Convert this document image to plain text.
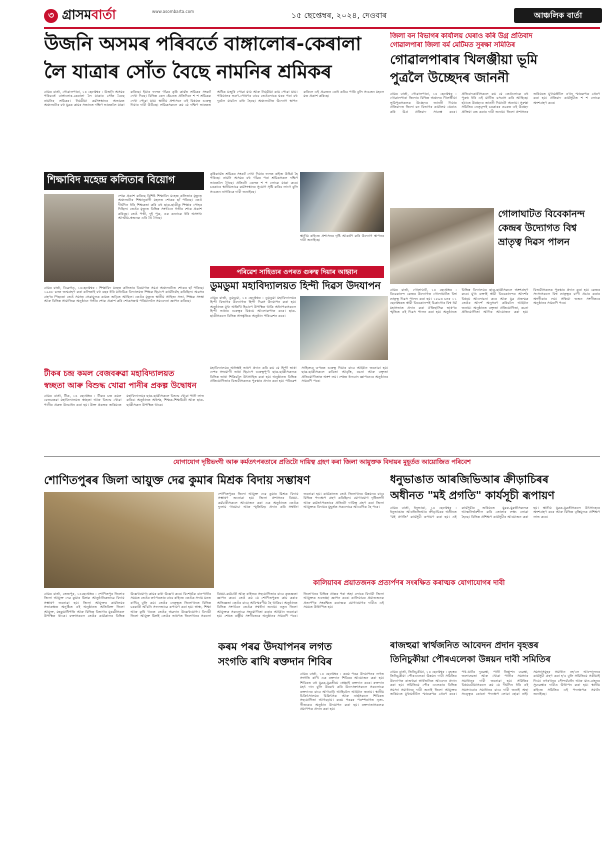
৩ গ্ৰাসমবাৰ্তা	www.asombarta.com	১৫ ছেপ্তেম্বৰ, ২০২৪, দেওবাৰ	আঞ্চলিক বাৰ্তা
উজনি অসমৰ পৰিবৰ্তে বাঙ্গালোৰ-কেৰালা
লৈ যাত্ৰাৰ সোঁত বৈছে নামনিৰ শ্ৰমিকৰ
গ্ৰামৰ বাৰ্তা, গোৱালপাৰা, ১৪ ছেপ্তেম্বৰ : উজনি অসমৰ পৰিবৰ্তে বাঙ্গালোৰ-কেৰালা লৈ যাত্ৰাৰ সোঁত বৈছে নামনিৰ শ্ৰমিকৰ। নিয়মীয়া কৰ্মসংস্থানৰ অভাৱত অঞ্চলটোৰ বহু যুৱক কামৰ সন্ধানত দক্ষিণ ভাৰতলৈ যাত্ৰা কৰিছে। ইয়াৰ ফলত গাঁৱৰ কৃষি কাৰ্যত শ্ৰমিকৰ সংকট দেখা দিছে। বিভিন্ন ৰেল ষ্টেচনত প্ৰতিদিনে শ শ শ্ৰমিকক দেখা পোৱা যায়। স্থানীয় প্ৰশাসনে এই বিষয়ত গুৰুত্ব দিয়াৰ দাবী উঠিছে। শ্ৰমিকসকলে কয় যে দক্ষিণ ভাৰতত অধিক মজুৰি পোৱা যায় আৰু নিয়মীয়া কাম পোৱা যায়। পৰিয়ালৰ ভৰণ-পোষণৰ বাবে তেওঁলোকে ঘৰৰ পৰা বহু দূৰলৈ যাবলৈ বাধ্য হৈছে। অঞ্চলটোত উদ্যোগ স্থাপন কৰিলে এই প্ৰব্ৰজন ৰোধ কৰিব পাৰি বুলি সচেতন মহলে মত প্ৰকাশ কৰিছে।
শিক্ষাবিদ মহেন্দ্ৰ কলিতাৰ বিয়োগ
শোক প্ৰকাশ কৰিছে বিশিষ্ট শিক্ষাবিদ মহেন্দ্ৰ কলিতাৰ মৃত্যুত অঞ্চলটোৰ শিক্ষানুৰাগী মহলত শোকৰ ছাঁ পৰিছে। তেওঁ দীৰ্ঘদিন ধৰি শিক্ষকতা কৰি বহু ছাত্ৰ-ছাত্ৰীক শিক্ষাৰ পোহৰ দিছিল। তেওঁৰ মৃত্যুত বিভিন্ন সংগঠনে গভীৰ শোক প্ৰকাশ কৰিছে। তেওঁ পত্নী, দুই পুত্ৰ, এক কন্যাকে ধৰি অসংখ্য আত্মীয়-স্বজনক এৰি থৈ গৈছে।
গ্ৰামৰ বাৰ্তা, ডিব্ৰুগড়, ১৪ছেপ্তেম্বৰ : শিক্ষাবিদ মহেন্দ্ৰ কলিতাৰ বিয়োগত সমগ্ৰ অঞ্চলটোত শোকৰ ছাঁ পৰিছে। ১৯৪৮ চনত জন্মগ্ৰহণ কৰা কলিতাই বহু বছৰ ধৰি মাধ্যমিক বিদ্যালয়ত শিক্ষক হিচাপে কাৰ্যনিৰ্বাহ কৰিছিল। অৱসৰ গ্ৰহণৰ পিছতো তেওঁ সমাজ সেৱামূলক কামত জড়িত আছিল। তেওঁৰ মৃত্যুত স্থানীয় সাহিত্য সভা, শিক্ষক সংস্থা আৰু বিভিন্ন সামাজিক অনুষ্ঠানে গভীৰ শোক প্ৰকাশ কৰি শোকসন্তপ্ত পৰিয়াললৈ সমবেদনা জ্ঞাপন কৰিছে।
কৃষিকাৰ্যত শ্ৰমিকৰ সংকট দেখা দিয়াৰ ফলত ৰাইজ উদ্বিগ্ন হৈ পৰিছে। নামনি অসমৰ বহু গাঁৱৰ পৰা শ্ৰমিকসকল দক্ষিণ ভাৰতলৈ গৈছে। প্ৰতিটো ৰেলত শ শ লোকে যাত্ৰা কৰে। চৰকাৰে স্থানীয়ভাৱে কৰ্মসংস্থানৰ সুযোগ সৃষ্টি কৰিব লাগে বুলি সচেতন নাগৰিকে দাবী জনাইছে।
স্থানীয় ৰাইজে প্ৰশাসনৰ দৃষ্টি আকৰ্ষণ কৰি উদ্যোগ স্থাপনৰ দাবী জনাইছে।
পৰিৱেশ সাহিত্যৰ ওপৰত গুৰুত্ব দিয়াৰ আহ্বান
ডুমডুমা মহাবিদ্যালয়ত হিন্দী দিৱস উদযাপন
গ্ৰামৰ বাৰ্তা, ডুমডুমা, ১৪ ছেপ্তেম্বৰ : ডুমডুমা মহাবিদ্যালয়ৰ হিন্দী বিভাগৰ উদ্যোগত হিন্দী দিৱস উদযাপন কৰা হয়। অনুষ্ঠানত মুখ্য অতিথি হিচাপে উপস্থিত থাকি অধ্যাপকসকলে হিন্দী ভাষাৰ গুৰুত্বৰ বিষয়ে আলোকপাত কৰে। ছাত্ৰ-ছাত্ৰীসকলে বিভিন্ন সাংস্কৃতিক অনুষ্ঠান পৰিৱেশন কৰে।
টীকৰ চন্দ্ৰ কমল বেজবৰুৱা মহাবিদ্যালয়ত
স্বচ্ছতা আৰু বিশুদ্ধ খোৱা পানীৰ প্ৰকল্প উদ্বোধন
গ্ৰামৰ বাৰ্তা, টীক, ১৪ ছেপ্তেম্বৰ : টীকৰ চন্দ্ৰ কমল বেজবৰুৱা মহাবিদ্যালয়ত স্বচ্ছতা আৰু বিশুদ্ধ খোৱা পানীৰ প্ৰকল্প উদ্বোধন কৰা হয়। উক্ত প্ৰকল্পৰ জৰিয়তে মহাবিদ্যালয়ৰ ছাত্ৰ-ছাত্ৰীসকলে বিশুদ্ধ খোৱা পানী লাভ কৰিব। অনুষ্ঠানত অধ্যক্ষ, শিক্ষক-শিক্ষয়িত্ৰী আৰু ছাত্ৰ-ছাত্ৰীসকল উপস্থিত থাকে।
মহাবিদ্যালয়ৰ অধ্যক্ষই ভাষণ প্ৰদান কৰি কয় যে হিন্দী ভাষা দেশৰ সংযোগী ভাষা হিচাপে গুৰুত্বপূৰ্ণ। ছাত্ৰ-ছাত্ৰীসকলক বিভিন্ন ভাষা শিকিবলৈ উৎসাহিত কৰা হয়। অনুষ্ঠানত বিভিন্ন প্ৰতিযোগিতাৰ বিজয়ীসকলক পুৰস্কাৰ প্ৰদান কৰা হয়। পৰিৱেশ সাহিত্যৰ ওপৰত গুৰুত্ব দিয়াৰ বাবে আহ্বান জনোৱা হয়। ছাত্ৰ-ছাত্ৰীসকলে কবিতা আবৃত্তি, ৰচনা আৰু বক্তৃতা প্ৰতিযোগিতাত অংশ লয়। শেষত ধন্যবাদ জ্ঞাপনেৰে অনুষ্ঠানৰ সামৰণি পৰে।
জিলা বন বিভাগৰ কাৰ্যালয় ঘেৰাও কৰি উগ্ৰ প্ৰতিবাদ
গোৱালপাৰা জিলা বৰ্ম মেটিমত সুৰক্ষা সমিতিৰ
গোৱালপাৰাৰ খিলঞ্জীয়া ভূমি
পুত্ৰলৈ উচ্ছেদৰ জাননী
গ্ৰামৰ বাৰ্তা, গোৱালপাৰা, ১৪ ছেপ্তেম্বৰ : গোৱালপাৰা জিলাৰ বিভিন্ন অঞ্চলৰ খিলঞ্জীয়া ভূমিপুত্ৰসকলক উচ্ছেদৰ জাননী দিয়াৰ প্ৰতিবাদত জিলা বন বিভাগৰ কাৰ্যালয় ঘেৰাও কৰি উগ্ৰ প্ৰতিবাদ সাব্যস্ত কৰে। প্ৰতিবাদকাৰীসকলে কয় যে তেওঁলোকে বহু পুৰুষ ধৰি এই মাটিত বসবাস কৰি আহিছে। হঠাতে উচ্ছেদৰ জাননী দিয়াটো অন্যায়। সুৰক্ষা সমিতিৰ নেতৃবৃন্দই চৰকাৰৰ ওচৰত এই উচ্ছেদ প্ৰক্ৰিয়া বন্ধ কৰাৰ দাবী জনায়। জিলা প্ৰশাসনৰ জৰিয়তে মুখ্যমন্ত্ৰীলৈ এখন স্মাৰকপত্ৰ প্ৰেৰণ কৰা হয়। প্ৰতিবাদ কাৰ্যসূচীত শ শ লোকে অংশগ্ৰহণ কৰে।
গোলাঘাটত বিবেকানন্দ
কেন্দ্ৰৰ উদ্যোগত বিশ্ব
ভ্ৰাতৃত্ব দিৱস পালন
গ্ৰামৰ বাৰ্তা, গোলাঘাট, ১৪ ছেপ্তেম্বৰ : বিবেকানন্দ কেন্দ্ৰৰ উদ্যোগত গোলাঘাটত বিশ্ব ভ্ৰাতৃত্ব দিৱস পালন কৰা হয়। ১৮৯৩ চনৰ ১১ ছেপ্তেম্বৰত স্বামী বিবেকানন্দই চিকাগোৰ বিশ্ব ধৰ্ম মহাসভাত প্ৰদান কৰা ঐতিহাসিক ভাষণৰ স্মৃতিত এই দিৱস পালন কৰা হয়। অনুষ্ঠানত বিভিন্ন বিদ্যালয়ৰ ছাত্ৰ-ছাত্ৰীসকলে অংশগ্ৰহণ কৰে। মুখ্য বক্তাই স্বামী বিবেকানন্দৰ আদৰ্শৰ বিষয়ে আলোচনা কৰে আৰু যুৱ প্ৰজন্মক তেওঁৰ আদৰ্শ অনুসৰণ কৰিবলৈ আহ্বান জনায়। অনুষ্ঠানত বক্তৃতা প্ৰতিযোগিতা, ৰচনা প্ৰতিযোগিতা আদিৰ আয়োজন কৰা হয়। বিজয়ীসকলক পুৰস্কাৰ প্ৰদান কৰা হয়। কেন্দ্ৰৰ সদস্যসকলে বিশ্ব ভ্ৰাতৃত্বৰ বাণী প্ৰচাৰ কৰাৰ অংগীকাৰ লয়। সন্ধিয়া ভজন সংগীতৰে অনুষ্ঠানৰ সামৰণি পৰে।
যোগাযোগ দৃষ্টিভংগী আৰু কৰ্মতৎপৰতাৰে প্ৰতিটো দায়িত্ব গ্ৰহণ কৰা জিলা আয়ুক্তক বিদায়ৰ মুহূৰ্তত আয়োজিত পৰিবেশ
শোণিতপুৰৰ জিলা আয়ুক্ত দেৱ কুমাৰ মিশ্ৰক বিদায় সম্ভাষণ
শোণিতপুৰৰ জিলা আয়ুক্ত দেৱ কুমাৰ মিশ্ৰক বিদায় সম্ভাষণ জনোৱা হয়। জিলা প্ৰশাসনৰ বিষয়া-কৰ্মচাৰীসকলে আয়োজন কৰা এক অনুষ্ঠানত তেওঁক ফুলাম গামোচা আৰু স্মৃতিচিহ্ন প্ৰদান কৰি সম্বৰ্ধনা জনোৱা হয়। কাৰ্যকালত তেওঁ জিলাখনৰ উন্নয়নৰ বাবে বিভিন্ন পদক্ষেপ গ্ৰহণ কৰিছিল। যোগাযোগ দৃষ্টিভংগী আৰু কৰ্মতৎপৰতাৰে প্ৰতিটো দায়িত্ব গ্ৰহণ কৰা জিলা আয়ুক্তক বিদায়ৰ মুহূৰ্তত সকলোৱে আবেগিক হৈ পৰে।
গ্ৰামৰ বাৰ্তা, তেজপুৰ, ১৪ছেপ্তেম্বৰ : শোণিতপুৰ জিলাৰ জিলা আয়ুক্ত দেৱ কুমাৰ মিশ্ৰক আনুষ্ঠানিকভাৱে বিদায় সম্ভাষণ জনোৱা হয়। জিলা আয়ুক্তৰ কাৰ্যালয়ৰ সভাকক্ষত অনুষ্ঠিত এই অনুষ্ঠানত অতিৰিক্ত জিলা আয়ুক্ত, মহকুমাধিপতি আৰু বিভিন্ন বিভাগৰ মুৰব্বীসকল উপস্থিত থাকে। বক্তাসকলে তেওঁৰ কাৰ্যকালৰ বিভিন্ন উল্লেখযোগ্য কামৰ কথা উল্লেখ কৰে। বিশেষকৈ বানপানীৰ সময়ত তেওঁৰ তৎপৰতাৰ বাবে ৰাইজে তেওঁক সদায় মনত ৰাখিব বুলি কয়। তেওঁৰ নেতৃত্বত জিলাখনত বিভিন্ন চৰকাৰী আঁচনি সফলভাৱে ৰূপায়ণ কৰা হয়। স্বাস্থ্য, শিক্ষা আৰু কৃষি খণ্ডত তেওঁৰ অৱদান উল্লেখযোগ্য। বিদায়ী জিলা আয়ুক্ত মিশ্ৰই তেওঁৰ ভাষণত জিলাখনৰ সকলো বিষয়া-কৰ্মচাৰী আৰু ৰাইজৰ সহযোগিতাৰ বাবে কৃতজ্ঞতা জ্ঞাপন কৰে। তেওঁ কয় যে শোণিতপুৰত কাম কৰাৰ অভিজ্ঞতা তেওঁৰ বাবে অবিস্মৰণীয় হৈ থাকিব। অনুষ্ঠানত বিভিন্ন সংগঠনে তেওঁক সম্বৰ্ধনা জনায়। নতুন জিলা আয়ুক্তক সকলোৱে সহযোগিতা কৰাৰ আহ্বান জনোৱা হয়। শেষত ৰাষ্ট্ৰীয় সংগীতেৰে অনুষ্ঠানৰ সামৰণি পৰে। জিলাখনৰ বিভিন্ন প্ৰান্তৰ পৰা অহা লোকে বিদায়ী জিলা আয়ুক্তক শুভেচ্ছা জ্ঞাপন কৰে। কালিয়াবৰ প্ৰয়াতজনক প্ৰত্যৰ্পণৰ সংৰক্ষিত কৰাত্মক যোগাযোগৰ দাবীও এই সময়ত উত্থাপিত হয়।
ধনুভাঙাত আৰজিভিআৰ ক্ৰীড়াচিৰৰ
অধীনত "মই প্ৰগতি" কাৰ্যসূচী ৰূপায়ণ
গ্ৰামৰ বাৰ্তা, ধনুভাঙা, ১৪ ছেপ্তেম্বৰ : ধনুভাঙাত আৰজিভিআৰ ক্ৰীড়াচিৰৰ অধীনত "মই প্ৰগতি" কাৰ্যসূচী ৰূপায়ণ কৰা হয়। এই কাৰ্যসূচীৰ জৰিয়তে যুৱক-যুৱতীসকলক আত্মনিৰ্ভৰশীল কৰি তোলাৰ লক্ষ্য লোৱা হৈছে। বিভিন্ন প্ৰশিক্ষণ কাৰ্যসূচীৰ আয়োজন কৰা হয়। স্থানীয় যুৱক-যুৱতীসকলে উৎসাহেৰে অংশগ্ৰহণ কৰে আৰু বিভিন্ন বৃত্তিমূলক প্ৰশিক্ষণ লাভ কৰে।
কালিয়াবৰ প্ৰয়াতজনক প্ৰত্যৰ্পণৰ সংৰক্ষিত কৰাত্মক যোগাযোগৰ দাবী
কৰম পৰৱ উদযাপনৰ লগত
সংগতি ৰাখি ৰক্তদান শিবিৰ
গ্ৰামৰ বাৰ্তা, ১৪ ছেপ্তেম্বৰ : কৰম পৰৱ উদযাপনৰ লগত সংগতি ৰাখি এক ৰক্তদান শিবিৰৰ আয়োজন কৰা হয়। শিবিৰত বহু যুৱক-যুৱতীয়ে স্বেচ্ছাই ৰক্তদান কৰে। ৰক্তদান মহৎ দান বুলি উল্লেখ কৰি উদ্যোক্তাসকলে সকলোকে ৰক্তদানৰ বাবে আগবাঢ়ি আহিবলৈ আহ্বান জনায়। স্থানীয় চিকিৎসালয়ৰ চিকিৎসক আৰু নাৰ্ছসকলে শিবিৰত সহযোগিতা আগবঢ়ায়। কৰম পৰৱৰ পৰম্পৰাগত নৃত্য-গীতৰেও অনুষ্ঠান উদযাপন কৰা হয়। ৰক্তদাতাসকলক প্ৰমাণপত্ৰ প্ৰদান কৰা হয়।
ৰাজহুৱা স্বাৰ্থজনিত আবেদন প্ৰদান বৃহত্তৰ
তিনিচুকীয়া পৌৰএলেকা উন্নয়ন দাবী সমিতিৰ
গ্ৰামৰ বাৰ্তা, তিনিচুকীয়া, ১৪ ছেপ্তেম্বৰ : বৃহত্তৰ তিনিচুকীয়া পৌৰএলেকা উন্নয়ন দাবী সমিতিৰ উদ্যোগত ৰাজহুৱা স্বাৰ্থজনিত আবেদন প্ৰদান কৰা হয়। সমিতিয়ে পৌৰ এলেকাৰ বিভিন্ন সমস্যা সমাধানৰ দাবী জনাই জিলা আয়ুক্তৰ জৰিয়তে মুখ্যমন্ত্ৰীলৈ স্মাৰকপত্ৰ প্ৰেৰণ কৰে। পথ-ঘাটৰ দুৰৱস্থা, পানী নিষ্কাশন ব্যৱস্থা, জলাবদ্ধতা আৰু খোৱা পানীৰ সমস্যাৰ সমাধানৰ দাবী জনোৱা হয়। সমিতিৰ বিষয়ববীয়াসকলে কয় যে দীৰ্ঘদিন ধৰি এই সমস্যাবোৰ সমাধানৰ বাবে দাবী জনাই অহা সত্ত্বেও কোনো পদক্ষেপ লোৱা হোৱা নাই। সমস্যাসমূহৰ সমাধান নহ'লে আন্দোলনৰ কাৰ্যসূচী গ্ৰহণ কৰা হ'ব বুলি সমিতিয়ে সকীয়াই দিয়ে। নগৰখনৰ সৌন্দৰ্যবৰ্ধন আৰু যান-বাহনৰ সুব্যৱস্থাৰ দাবীও উত্থাপন কৰা হয়। স্থানীয় ৰাইজে সমিতিৰ এই পদক্ষেপক সমৰ্থন জনাইছে।
